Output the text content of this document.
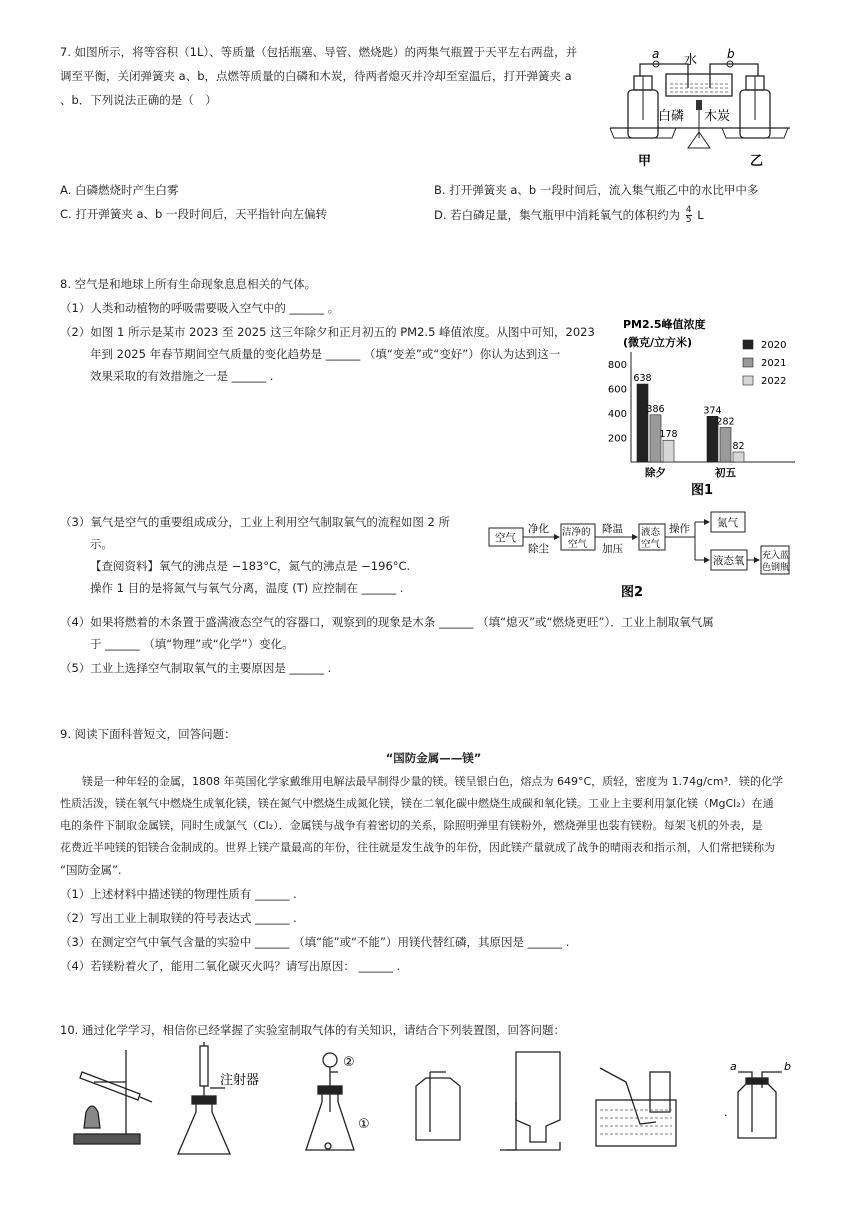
7. 如图所示，将等容积（1L）、等质量（包括瓶塞、导管、燃烧匙）的两集气瓶置于天平左右两盘，并
调至平衡，关闭弹簧夹 a、b，点燃等质量的白磷和木炭，待两者熄灭并冷却至室温后，打开弹簧夹 a
、b．下列说法正确的是（　）
a	b
水
白磷 木炭
甲	乙
A. 白磷燃烧时产生白雾	B. 打开弹簧夹 a、b 一段时间后，流入集气瓶乙中的水比甲中多
C. 打开弹簧夹 a、b 一段时间后，天平指针向左偏转	D. 若白磷足量，集气瓶甲中消耗氧气的体积约为 $\frac{4}{5}$ L
8. 空气是和地球上所有生命现象息息相关的气体。
（1）人类和动植物的呼吸需要吸入空气中的 ______ 。
（2）如图 1 所示是某市 2023 至 2025 这三年除夕和正月初五的 PM2.5 峰值浓度。从图中可知，2023
年到 2025 年春节期间空气质量的变化趋势是 ______ （填“变差”或“变好”）你认为达到这一
效果采取的有效措施之一是 ______ .
PM2.5峰值浓度
(微克/立方米)
200
400
600
800
638
386
178
除夕
374
282
82
初五
2020
2021
2022
图1
（3）氧气是空气的重要组成成分，工业上利用空气制取氧气的流程如图 2 所
示。
【查阅资料】氧气的沸点是 −183°C，氮气的沸点是 −196°C.
操作 1 目的是将氮气与氧气分离，温度 (T) 应控制在 ______ .
空气
净化
除尘
洁净的
空气
降温
加压
液态
空气
操作	氮气
液态氧 充入蓝
色钢瓶
图2
（4）如果将燃着的木条置于盛满液态空气的容器口，观察到的现象是木条 ______ （填“熄灭”或“燃烧更旺”）．工业上制取氧气属
于 ______ （填“物理”或“化学”）变化。
（5）工业上选择空气制取氧气的主要原因是 ______ .
9. 阅读下面科普短文，回答问题：
“国防金属——镁”
　　镁是一种年轻的金属，1808 年英国化学家戴维用电解法最早制得少量的镁。镁呈银白色，熔点为 649°C，质轻，密度为 1.74g/cm³．镁的化学
性质活泼，镁在氧气中燃烧生成氧化镁，镁在氮气中燃烧生成氮化镁，镁在二氧化碳中燃烧生成碳和氧化镁。工业上主要利用氯化镁（MgCl₂）在通
电的条件下制取金属镁，同时生成氯气（Cl₂）．金属镁与战争有着密切的关系，除照明弹里有镁粉外，燃烧弹里也装有镁粉。每架飞机的外表，是
花费近半吨镁的铝镁合金制成的。世界上镁产量最高的年份，往往就是发生战争的年份，因此镁产量就成了战争的晴雨表和指示剂，人们常把镁称为
“国防金属”.
（1）上述材料中描述镁的物理性质有 ______ .
（2）写出工业上制取镁的符号表达式 ______ .
（3）在测定空气中氧气含量的实验中 ______ （填“能”或“不能”）用镁代替红磷，其原因是 ______ .
（4）若镁粉着火了，能用二氧化碳灭火吗？请写出原因： ______ .
10. 通过化学学习，相信你已经掌握了实验室制取气体的有关知识，请结合下列装置图，回答问题：
注射器
②
①
a	b
.
